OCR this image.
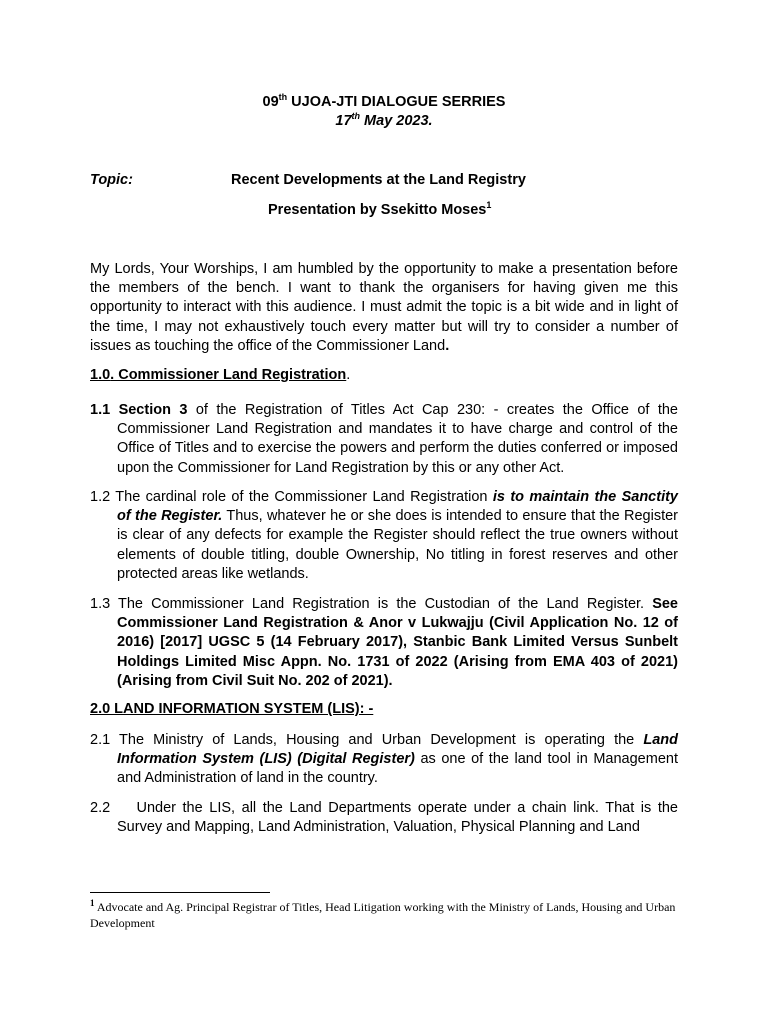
09th UJOA-JTI DIALOGUE SERRIES
17th May 2023.
Topic:	Recent Developments at the Land Registry
Presentation by Ssekitto Moses$^1$
My Lords, Your Worships, I am humbled by the opportunity to make a presentation before the members of the bench. I want to thank the organisers for having given me this opportunity to interact with this audience. I must admit the topic is a bit wide and in light of the time, I may not exhaustively touch every matter but will try to consider a number of issues as touching the office of the Commissioner Land.
1.0. Commissioner Land Registration.
1.1 Section 3 of the Registration of Titles Act Cap 230: - creates the Office of the Commissioner Land Registration and mandates it to have charge and control of the Office of Titles and to exercise the powers and perform the duties conferred or imposed upon the Commissioner for Land Registration by this or any other Act.
1.2 The cardinal role of the Commissioner Land Registration is to maintain the Sanctity of the Register. Thus, whatever he or she does is intended to ensure that the Register is clear of any defects for example the Register should reflect the true owners without elements of double titling, double Ownership, No titling in forest reserves and other protected areas like wetlands.
1.3 The Commissioner Land Registration is the Custodian of the Land Register. See Commissioner Land Registration & Anor v Lukwajju (Civil Application No. 12 of 2016) [2017] UGSC 5 (14 February 2017), Stanbic Bank Limited Versus Sunbelt Holdings Limited Misc Appn. No. 1731 of 2022 (Arising from EMA 403 of 2021) (Arising from Civil Suit No. 202 of 2021).
2.0 LAND INFORMATION SYSTEM (LIS): -
2.1 The Ministry of Lands, Housing and Urban Development is operating the Land Information System (LIS) (Digital Register) as one of the land tool in Management and Administration of land in the country.
2.2 Under the LIS, all the Land Departments operate under a chain link. That is the Survey and Mapping, Land Administration, Valuation, Physical Planning and Land
$^1$ Advocate and Ag. Principal Registrar of Titles, Head Litigation working with the Ministry of Lands, Housing and Urban Development
